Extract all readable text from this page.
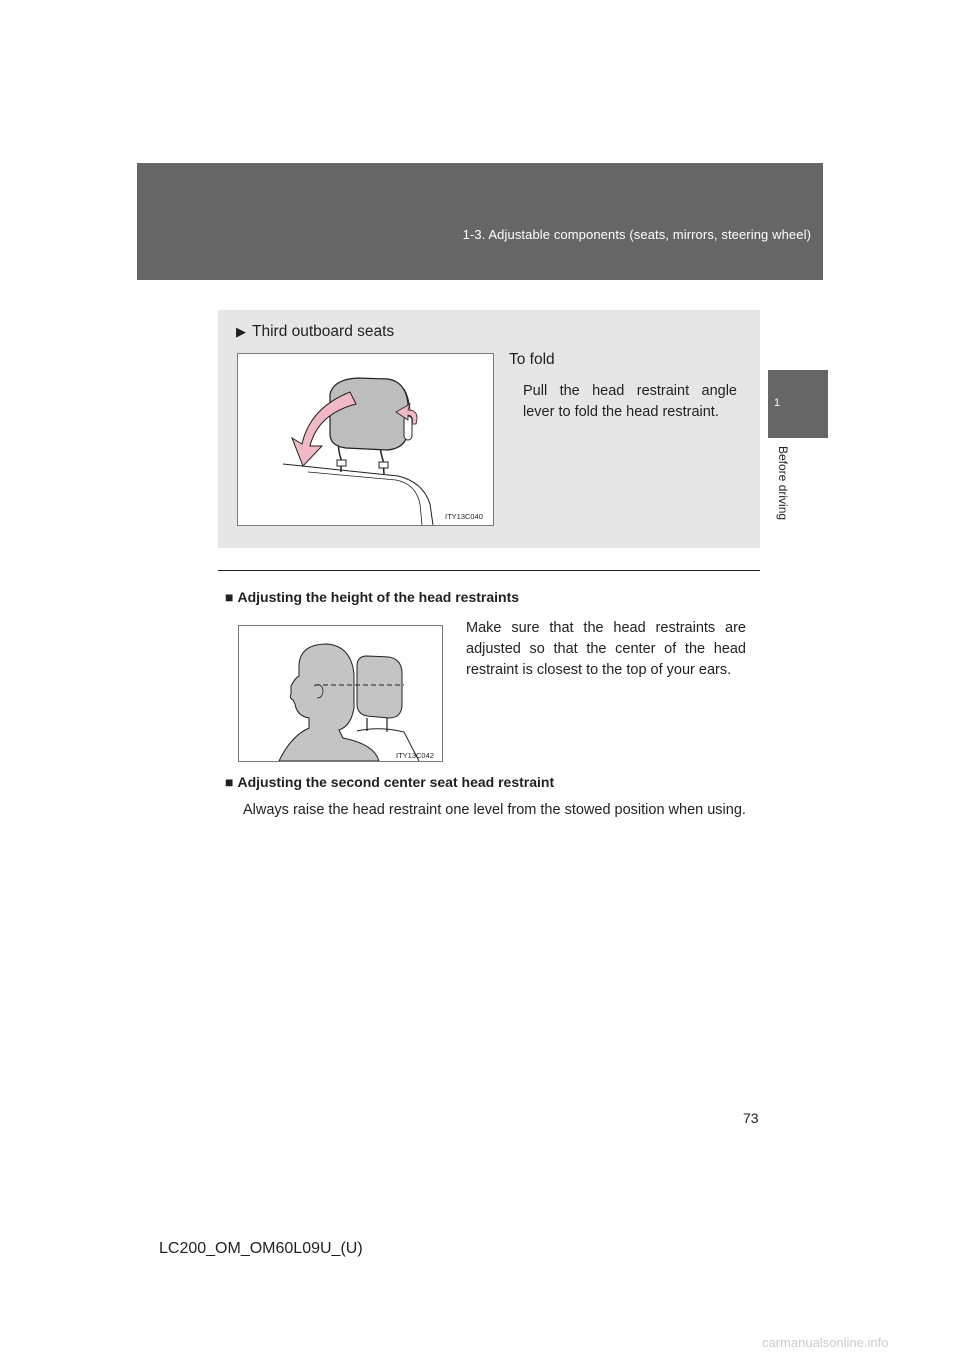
1-3. Adjustable components (seats, mirrors, steering wheel)
1
Before driving
▶ Third outboard seats
ITY13C040
To fold
Pull the head restraint angle lever to fold the head restraint.
■ Adjusting the height of the head restraints
ITY13C042
Make sure that the head restraints are adjusted so that the center of the head restraint is closest to the top of your ears.
■ Adjusting the second center seat head restraint
Always raise the head restraint one level from the stowed position when using.
73
LC200_OM_OM60L09U_(U)
carmanualsonline.info
